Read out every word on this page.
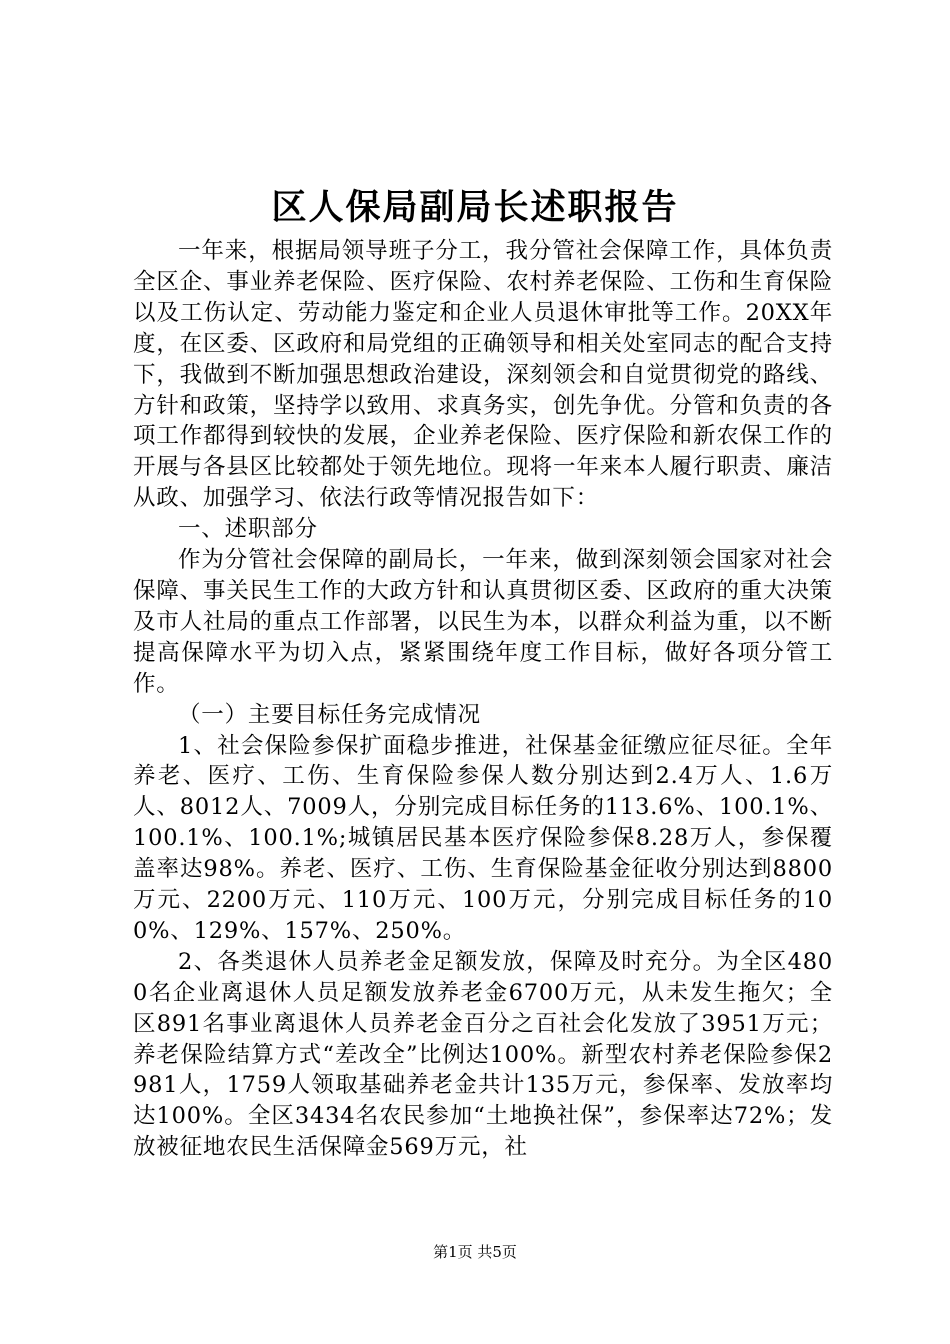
区人保局副局长述职报告

一年来，根据局领导班子分工，我分管社会保障工作，具体负责全区企、事业养老保险、医疗保险、农村养老保险、工伤和生育保险以及工伤认定、劳动能力鉴定和企业人员退休审批等工作。20XX年度，在区委、区政府和局党组的正确领导和相关处室同志的配合支持下，我做到不断加强思想政治建设，深刻领会和自觉贯彻党的路线、方针和政策，坚持学以致用、求真务实，创先争优。分管和负责的各项工作都得到较快的发展，企业养老保险、医疗保险和新农保工作的开展与各县区比较都处于领先地位。现将一年来本人履行职责、廉洁从政、加强学习、依法行政等情况报告如下：

一、述职部分

作为分管社会保障的副局长，一年来，做到深刻领会国家对社会保障、事关民生工作的大政方针和认真贯彻区委、区政府的重大决策及市人社局的重点工作部署，以民生为本，以群众利益为重，以不断提高保障水平为切入点，紧紧围绕年度工作目标，做好各项分管工作。

（一）主要目标任务完成情况

1、社会保险参保扩面稳步推进，社保基金征缴应征尽征。全年养老、医疗、工伤、生育保险参保人数分别达到2.4万人、1.6万人、8012人、7009人，分别完成目标任务的113.6%、100.1%、100.1%、100.1%;城镇居民基本医疗保险参保8.28万人，参保覆盖率达98%。养老、医疗、工伤、生育保险基金征收分别达到8800万元、2200万元、110万元、100万元，分别完成目标任务的100%、129%、157%、250%。

2、各类退休人员养老金足额发放，保障及时充分。为全区4800名企业离退休人员足额发放养老金6700万元，从未发生拖欠；全区891名事业离退休人员养老金百分之百社会化发放了3951万元；养老保险结算方式“差改全”比例达100%。新型农村养老保险参保2981人，1759人领取基础养老金共计135万元，参保率、发放率均达100%。全区3434名农民参加“土地换社保”，参保率达72%；发放被征地农民生活保障金569万元，社

第1页 共5页
